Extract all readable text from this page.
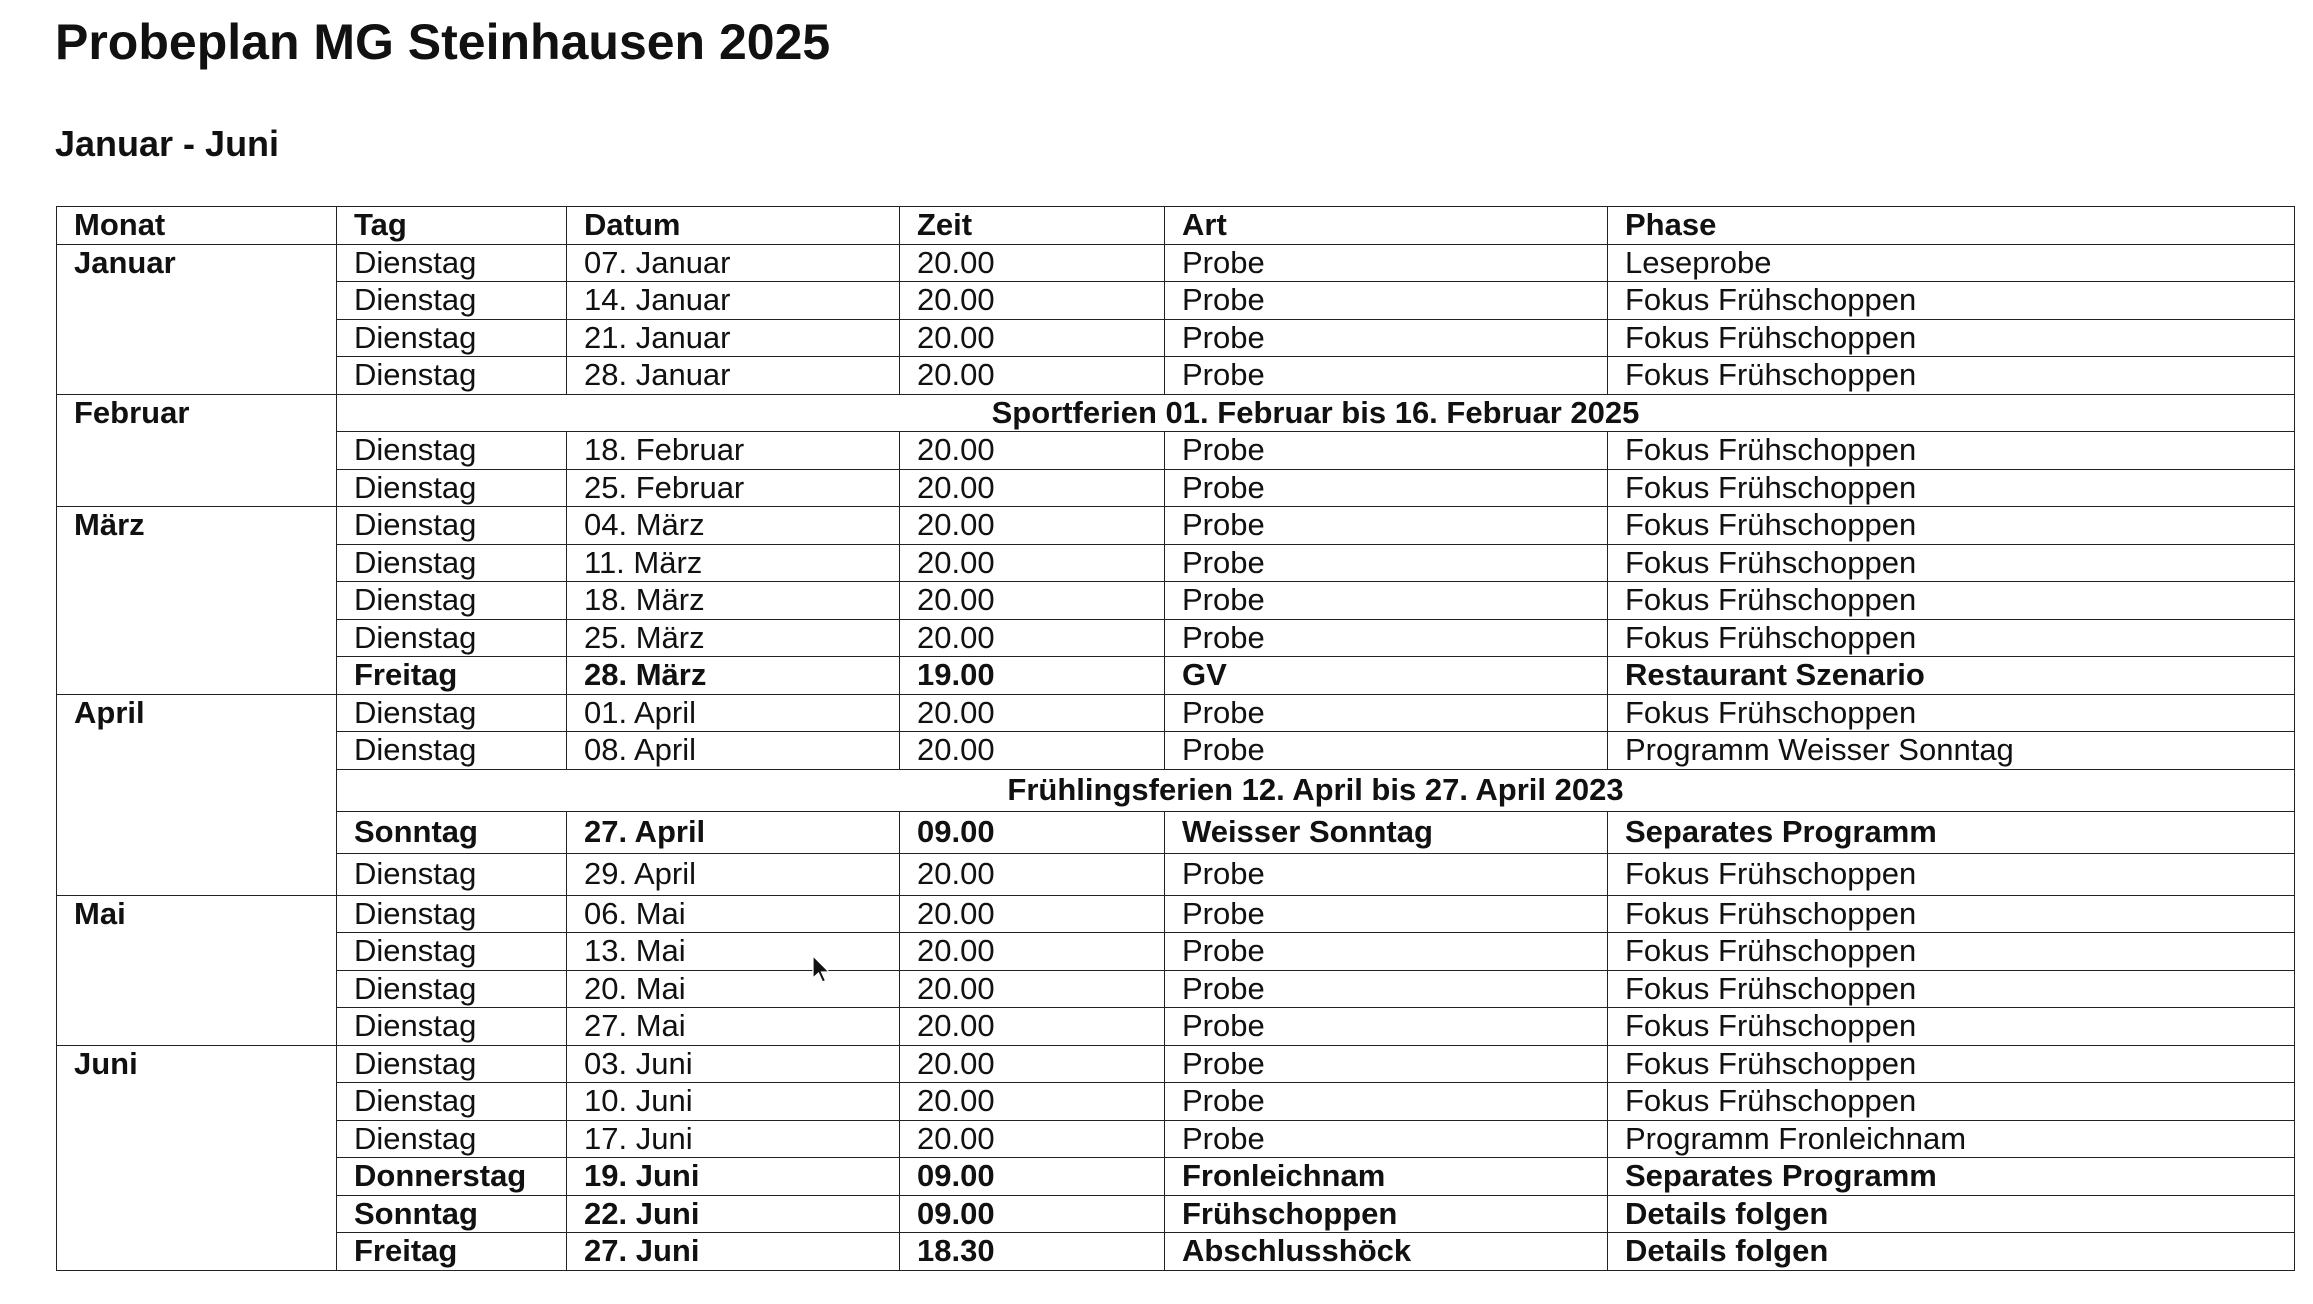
Probeplan MG Steinhausen 2025
Januar - Juni
Monat	Tag	Datum	Zeit	Art	Phase
Januar	Dienstag	07. Januar	20.00	Probe	Leseprobe
	Dienstag	14. Januar	20.00	Probe	Fokus Frühschoppen
	Dienstag	21. Januar	20.00	Probe	Fokus Frühschoppen
	Dienstag	28. Januar	20.00	Probe	Fokus Frühschoppen
Februar	Sportferien 01. Februar bis 16. Februar 2025				
	Dienstag	18. Februar	20.00	Probe	Fokus Frühschoppen
	Dienstag	25. Februar	20.00	Probe	Fokus Frühschoppen
März	Dienstag	04. März	20.00	Probe	Fokus Frühschoppen
	Dienstag	11. März	20.00	Probe	Fokus Frühschoppen
	Dienstag	18. März	20.00	Probe	Fokus Frühschoppen
	Dienstag	25. März	20.00	Probe	Fokus Frühschoppen
	Freitag	28. März	19.00	GV	Restaurant Szenario
April	Dienstag	01. April	20.00	Probe	Fokus Frühschoppen
	Dienstag	08. April	20.00	Probe	Programm Weisser Sonntag
	Frühlingsferien 12. April bis 27. April 2023				
	Sonntag	27. April	09.00	Weisser Sonntag	Separates Programm
	Dienstag	29. April	20.00	Probe	Fokus Frühschoppen
Mai	Dienstag	06. Mai	20.00	Probe	Fokus Frühschoppen
	Dienstag	13. Mai	20.00	Probe	Fokus Frühschoppen
	Dienstag	20. Mai	20.00	Probe	Fokus Frühschoppen
	Dienstag	27. Mai	20.00	Probe	Fokus Frühschoppen
Juni	Dienstag	03. Juni	20.00	Probe	Fokus Frühschoppen
	Dienstag	10. Juni	20.00	Probe	Fokus Frühschoppen
	Dienstag	17. Juni	20.00	Probe	Programm Fronleichnam
	Donnerstag	19. Juni	09.00	Fronleichnam	Separates Programm
	Sonntag	22. Juni	09.00	Frühschoppen	Details folgen
	Freitag	27. Juni	18.30	Abschlusshöck	Details folgen
